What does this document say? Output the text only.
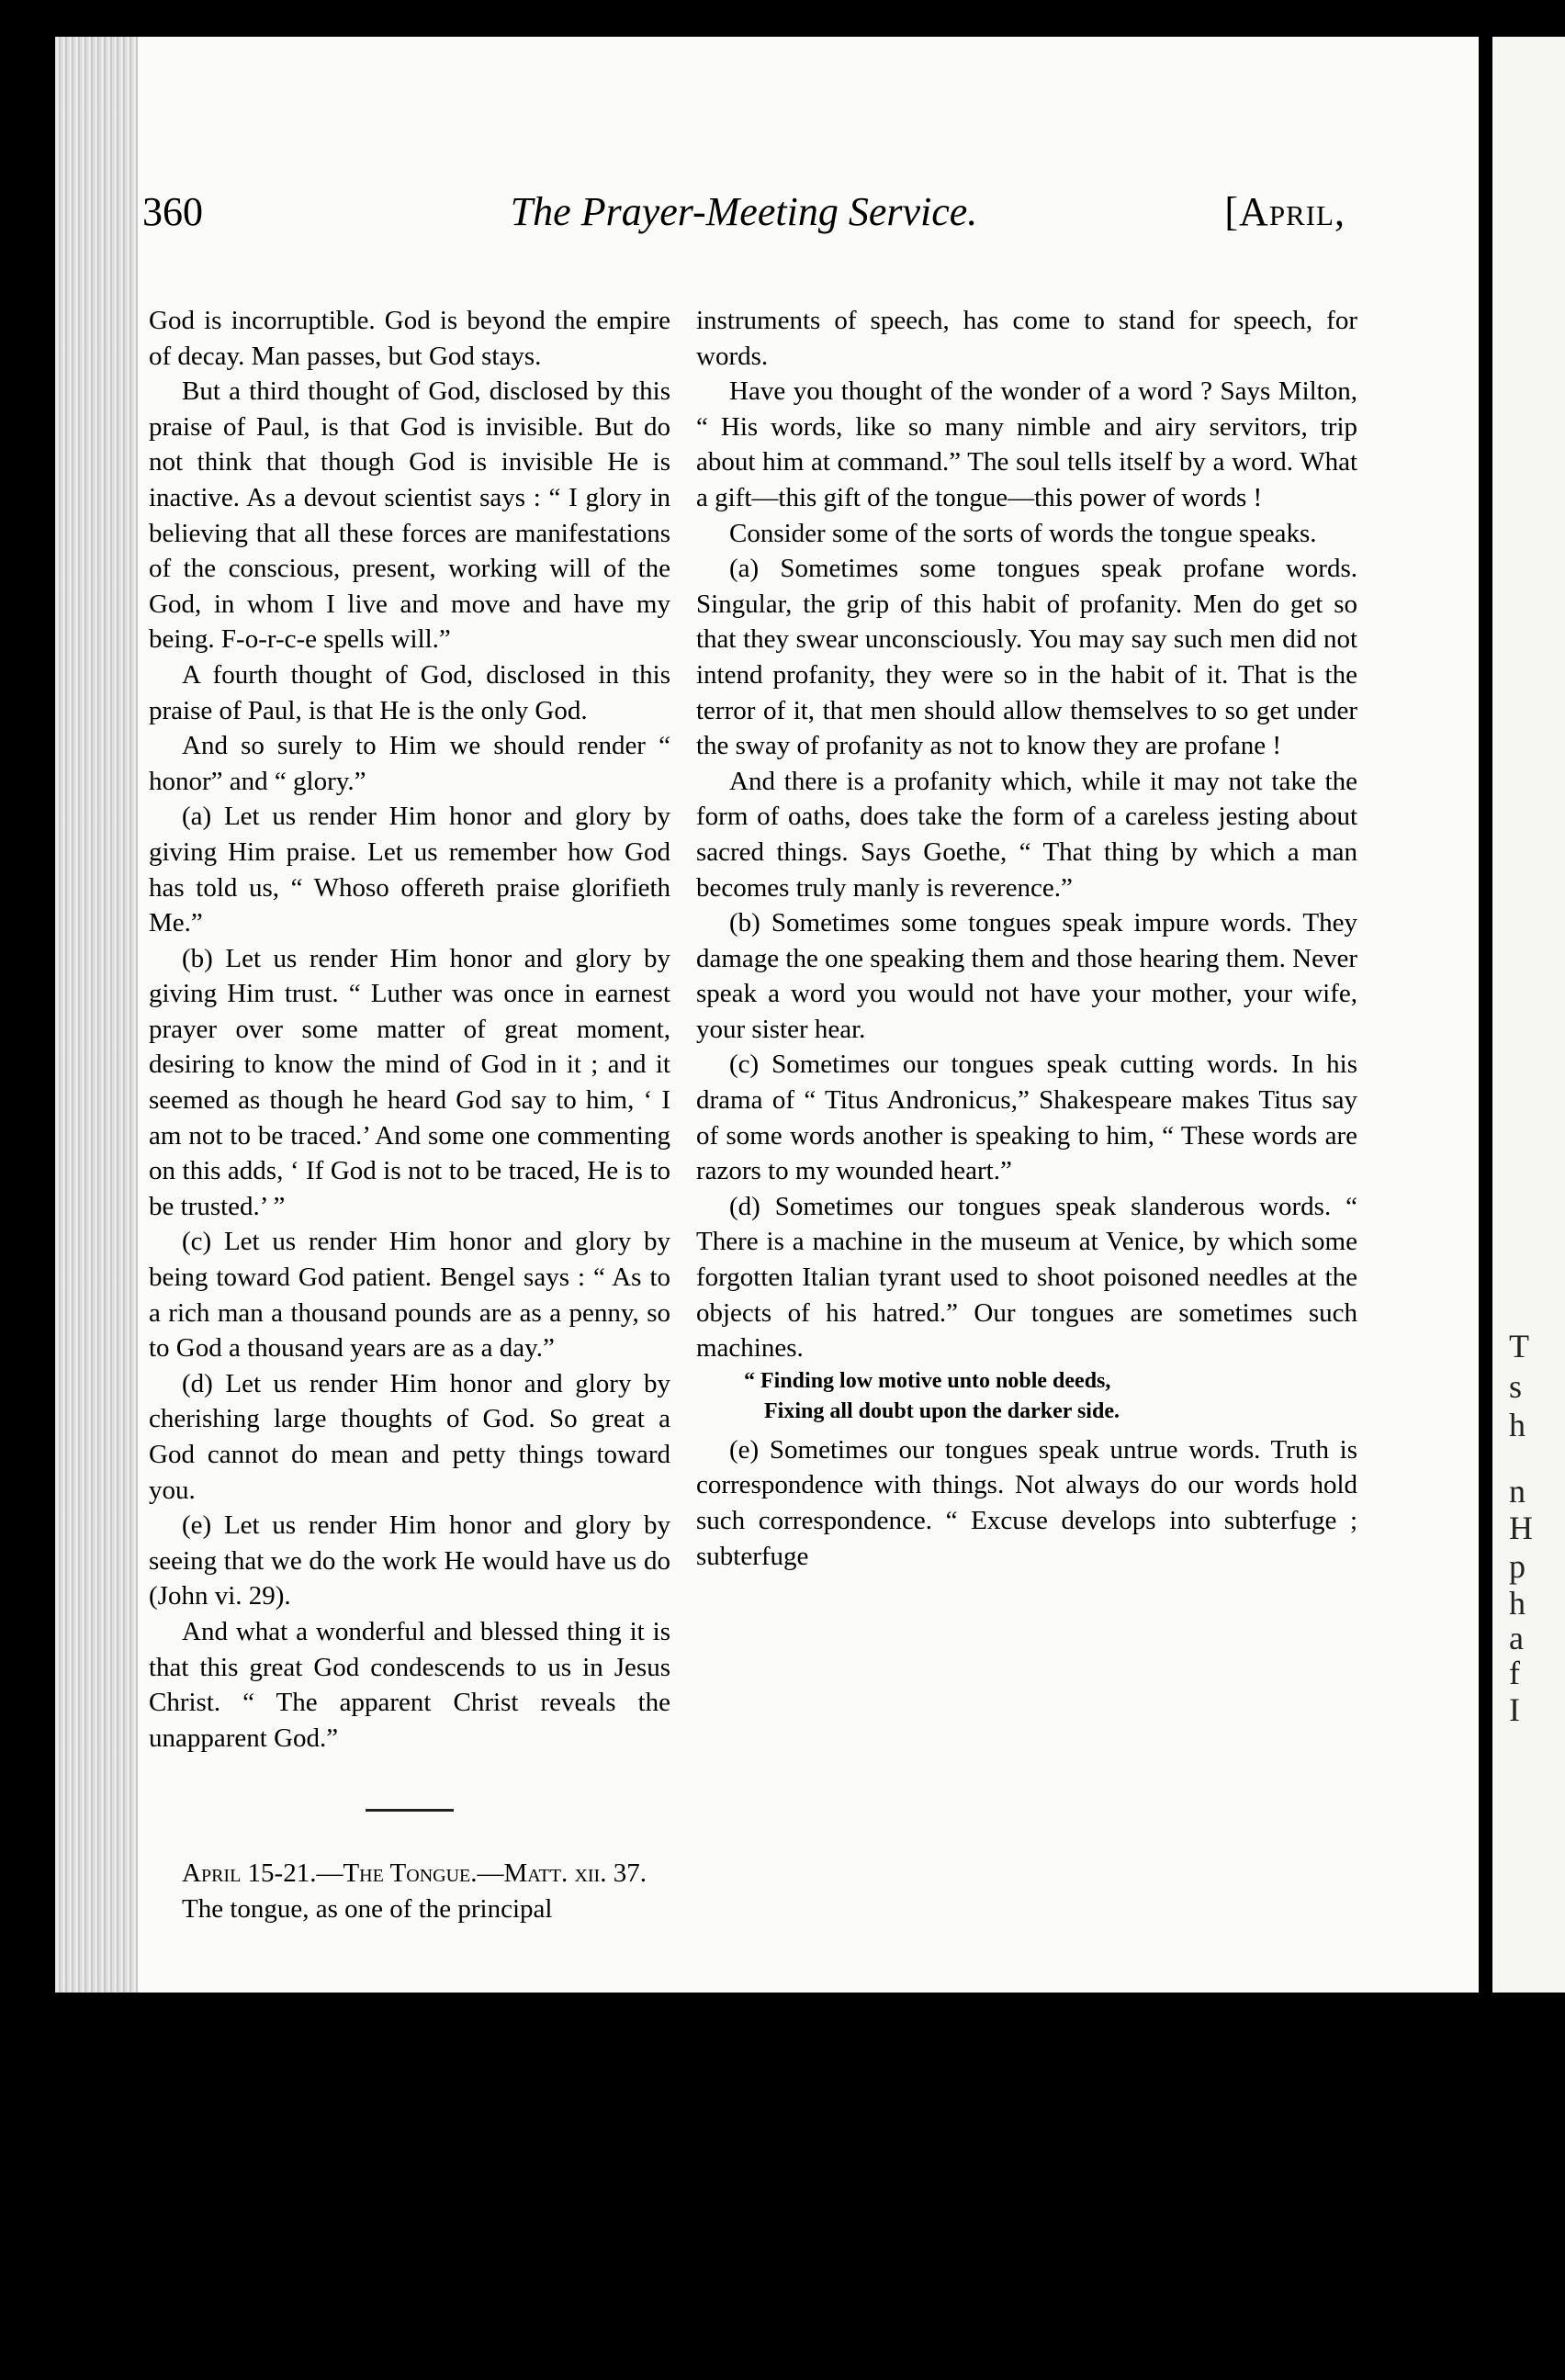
T
s
h
n
H
p
h
a
f
I
360	The Prayer-Meeting Service.	[April,

God is incorruptible. God is beyond the empire of decay. Man passes, but God stays.

But a third thought of God, disclosed by this praise of Paul, is that God is invisible. But do not think that though God is invisible He is inactive. As a devout scientist says : “ I glory in believing that all these forces are manifestations of the conscious, present, working will of the God, in whom I live and move and have my being. F-o-r-c-e spells will.”

A fourth thought of God, disclosed in this praise of Paul, is that He is the only God.

And so surely to Him we should render “ honor” and “ glory.”

(a) Let us render Him honor and glory by giving Him praise. Let us remember how God has told us, “ Whoso offereth praise glorifieth Me.”

(b) Let us render Him honor and glory by giving Him trust. “ Luther was once in earnest prayer over some matter of great moment, desiring to know the mind of God in it ; and it seemed as though he heard God say to him, ‘ I am not to be traced.’ And some one commenting on this adds, ‘ If God is not to be traced, He is to be trusted.’ ”

(c) Let us render Him honor and glory by being toward God patient. Bengel says : “ As to a rich man a thousand pounds are as a penny, so to God a thousand years are as a day.”

(d) Let us render Him honor and glory by cherishing large thoughts of God. So great a God cannot do mean and petty things toward you.

(e) Let us render Him honor and glory by seeing that we do the work He would have us do (John vi. 29).

And what a wonderful and blessed thing it is that this great God condescends to us in Jesus Christ. “ The apparent Christ reveals the unapparent God.”

April 15-21.—The Tongue.—Matt. xii. 37.

The tongue, as one of the principal

instruments of speech, has come to stand for speech, for words.

Have you thought of the wonder of a word ? Says Milton, “ His words, like so many nimble and airy servitors, trip about him at command.” The soul tells itself by a word. What a gift—this gift of the tongue—this power of words !

Consider some of the sorts of words the tongue speaks.

(a) Sometimes some tongues speak profane words. Singular, the grip of this habit of profanity. Men do get so that they swear unconsciously. You may say such men did not intend profanity, they were so in the habit of it. That is the terror of it, that men should allow themselves to so get under the sway of profanity as not to know they are profane !

And there is a profanity which, while it may not take the form of oaths, does take the form of a careless jesting about sacred things. Says Goethe, “ That thing by which a man becomes truly manly is reverence.”

(b) Sometimes some tongues speak impure words. They damage the one speaking them and those hearing them. Never speak a word you would not have your mother, your wife, your sister hear.

(c) Sometimes our tongues speak cutting words. In his drama of “ Titus Andronicus,” Shakespeare makes Titus say of some words another is speaking to him, “ These words are razors to my wounded heart.”

(d) Sometimes our tongues speak slanderous words. “ There is a machine in the museum at Venice, by which some forgotten Italian tyrant used to shoot poisoned needles at the objects of his hatred.” Our tongues are sometimes such machines.

“ Finding low motive unto noble deeds,
Fixing all doubt upon the darker side.

(e) Sometimes our tongues speak untrue words. Truth is correspondence with things. Not always do our words hold such correspondence. “ Excuse develops into subterfuge ; subterfuge
